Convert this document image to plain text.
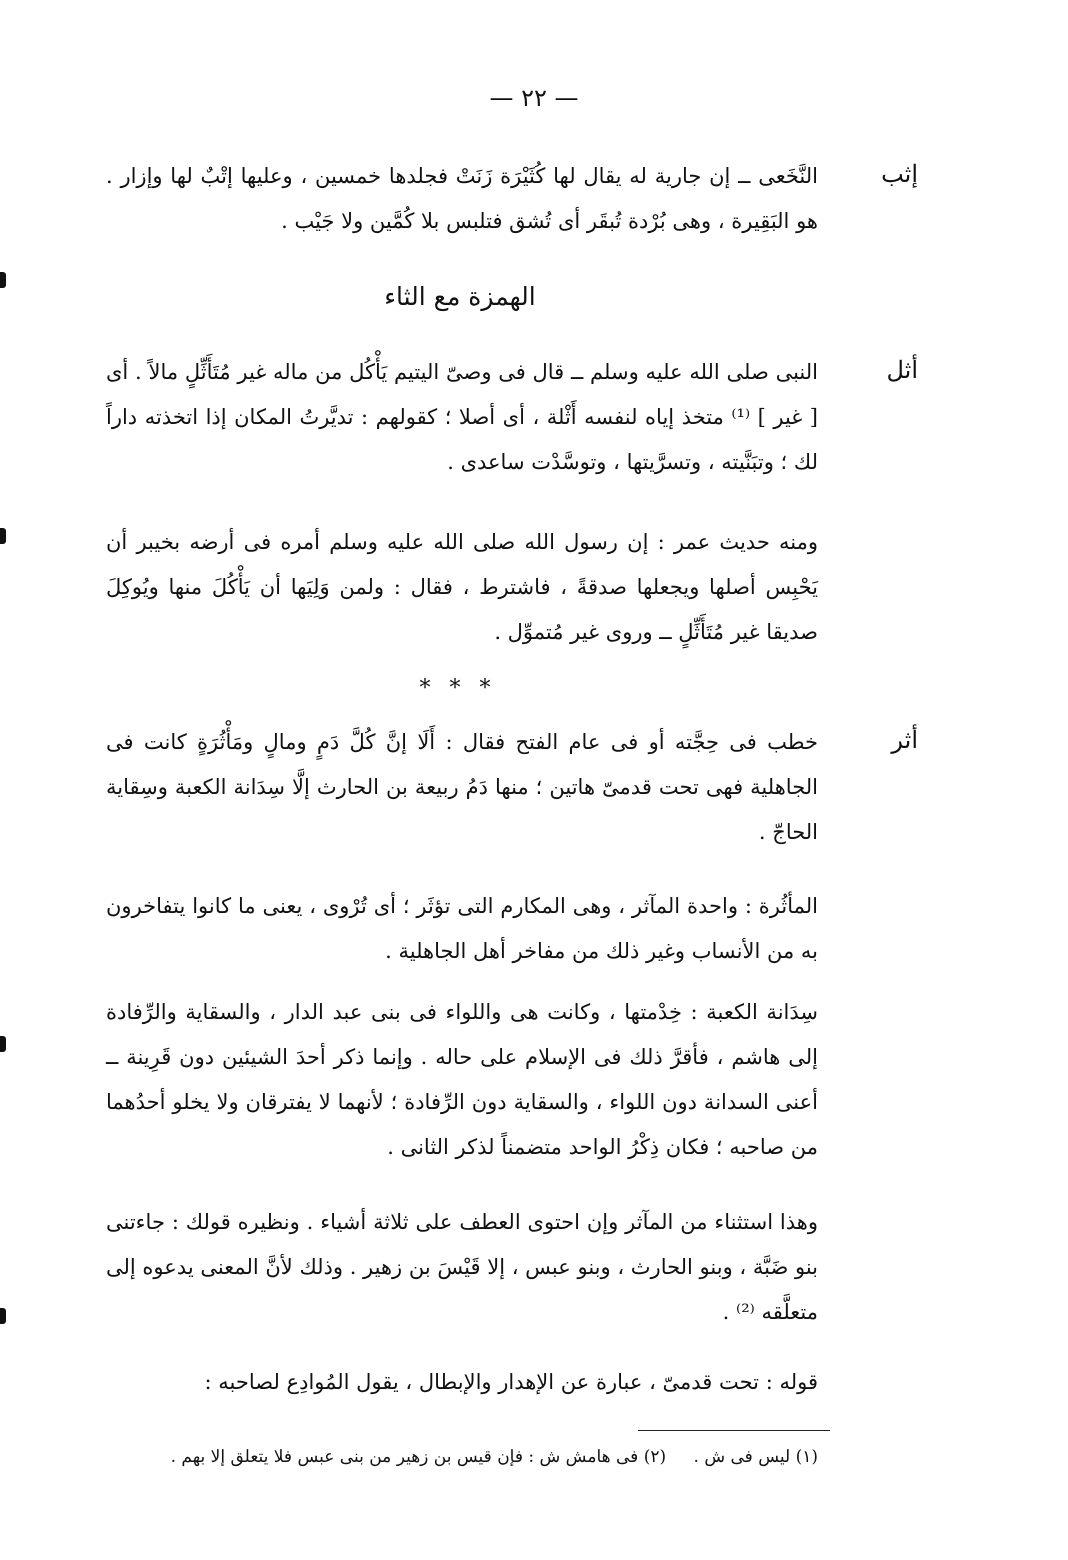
— ٢٢ —
إثب

النَّخَعى ــ إن جارية له يقال لها كُثَيْرَة زَنَتْ فجلدها خمسين ، وعليها إتْبٌ لها وإزار . هو البَقِيرة ، وهى بُرْدة تُبقَر أى تُشق فتلبس بلا كُمَّين ولا جَيْب .

الهمزة مع الثاء
أثل

النبى صلى الله عليه وسلم ــ قال فى وصىّ اليتيم يَأْكُل من ماله غير مُتَأَثِّلٍ مالاً . أى [ غير ] ⁽¹⁾ متخذ إياه لنفسه أَثْلة ، أى أصلا ؛ كقولهم : تديَّرتُ المكان إذا اتخذته داراً لك ؛ وتبَنَّيته ، وتسرَّيتها ، وتوسَّدْت ساعدى .

ومنه حديث عمر : إن رسول الله صلى الله عليه وسلم أمره فى أرضه بخيبر أن يَحْبِس أصلها ويجعلها صدقةً ، فاشترط ، فقال : ولمن وَلِيَها أن يَأْكُلَ منها ويُوكِلَ صديقا غير مُتَأَثِّلٍ ــ وروى غير مُتموِّل .

* * *
أثر

خطب فى حِجَّته أو فى عام الفتح فقال : أَلَا إنَّ كُلَّ دَمٍ ومالٍ ومَأْثُرَةٍ كانت فى الجاهلية فهى تحت قدمىّ هاتين ؛ منها دَمُ ربيعة بن الحارث إلَّا سِدَانة الكعبة وسِقاية الحاجّ .

المأثُرة : واحدة المآثر ، وهى المكارم التى تؤثَر ؛ أى تُرْوى ، يعنى ما كانوا يتفاخرون به من الأنساب وغير ذلك من مفاخر أهل الجاهلية .

سِدَانة الكعبة : خِدْمتها ، وكانت هى واللواء فى بنى عبد الدار ، والسقاية والرِّفادة إلى هاشم ، فأقرَّ ذلك فى الإسلام على حاله . وإنما ذكر أحدَ الشيئين دون قَرِينة ــ أعنى السدانة دون اللواء ، والسقاية دون الرِّفادة ؛ لأنهما لا يفترقان ولا يخلو أحدُهما من صاحبه ؛ فكان ذِكْرُ الواحد متضمناً لذكر الثانى .

وهذا استثناء من المآثر وإن احتوى العطف على ثلاثة أشياء . ونظيره قولك : جاءتنى بنو ضَبَّة ، وبنو الحارث ، وبنو عبس ، إلا قَيْسَ بن زهير . وذلك لأنَّ المعنى يدعوه إلى متعلَّقه ⁽²⁾ .

قوله : تحت قدمىّ ، عبارة عن الإهدار والإبطال ، يقول المُوادِع لصاحبه :

(١) ليس فى ش . (٢) فى هامش ش : فإن قيس بن زهير من بنى عبس فلا يتعلق إلا بهم .
